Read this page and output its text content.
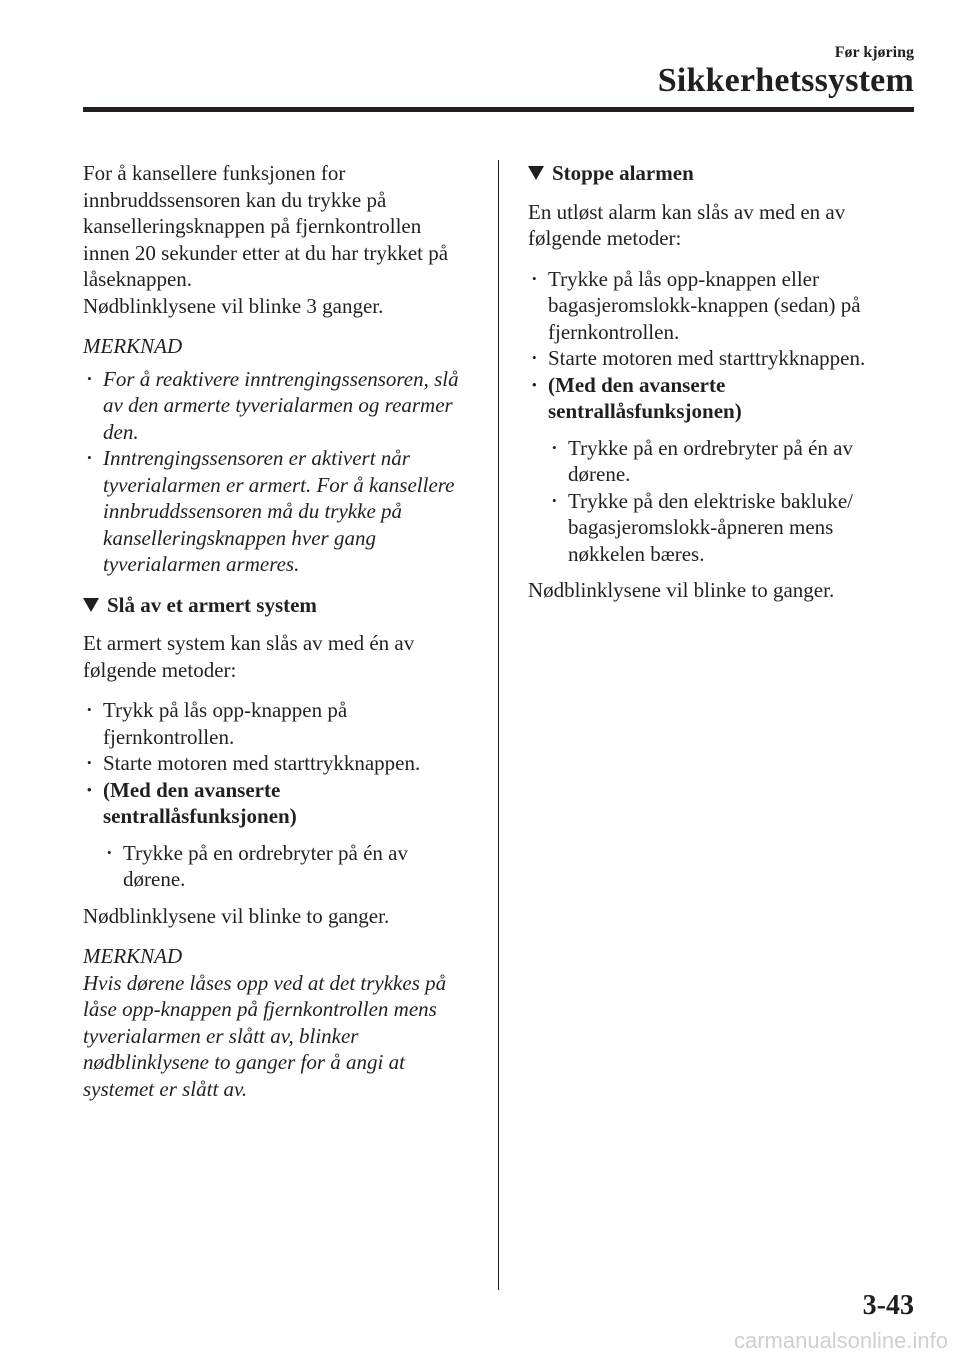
Før kjøring
Sikkerhetssystem

For å kansellere funksjonen for innbruddssensoren kan du trykke på kanselleringsknappen på fjernkontrollen innen 20 sekunder etter at du har trykket på låseknappen.

Nødblinklysene vil blinke 3 ganger.

MERKNAD

• For å reaktivere inntrengingssensoren, slå av den armerte tyverialarmen og rearmer den.
• Inntrengingssensoren er aktivert når tyverialarmen er armert. For å kansellere innbruddssensoren må du trykke på kanselleringsknappen hver gang tyverialarmen armeres.
Slå av et armert system

Et armert system kan slås av med én av følgende metoder:

• Trykk på lås opp-knappen på fjernkontrollen.
• Starte motoren med starttrykknappen.
• (Med den avanserte sentrallåsfunksjonen)
• Trykke på en ordrebryter på én av dørene.

Nødblinklysene vil blinke to ganger.

MERKNAD

Hvis dørene låses opp ved at det trykkes på låse opp-knappen på fjernkontrollen mens tyverialarmen er slått av, blinker nødblinklysene to ganger for å angi at systemet er slått av.

Stoppe alarmen

En utløst alarm kan slås av med en av følgende metoder:

• Trykke på lås opp-knappen eller bagasjeromslokk-knappen (sedan) på fjernkontrollen.
• Starte motoren med starttrykknappen.
• (Med den avanserte sentrallåsfunksjonen)
• Trykke på en ordrebryter på én av dørene.
• Trykke på den elektriske bakluke/ bagasjeromslokk-åpneren mens nøkkelen bæres.

Nødblinklysene vil blinke to ganger.

3-43
carmanualsonline.info
